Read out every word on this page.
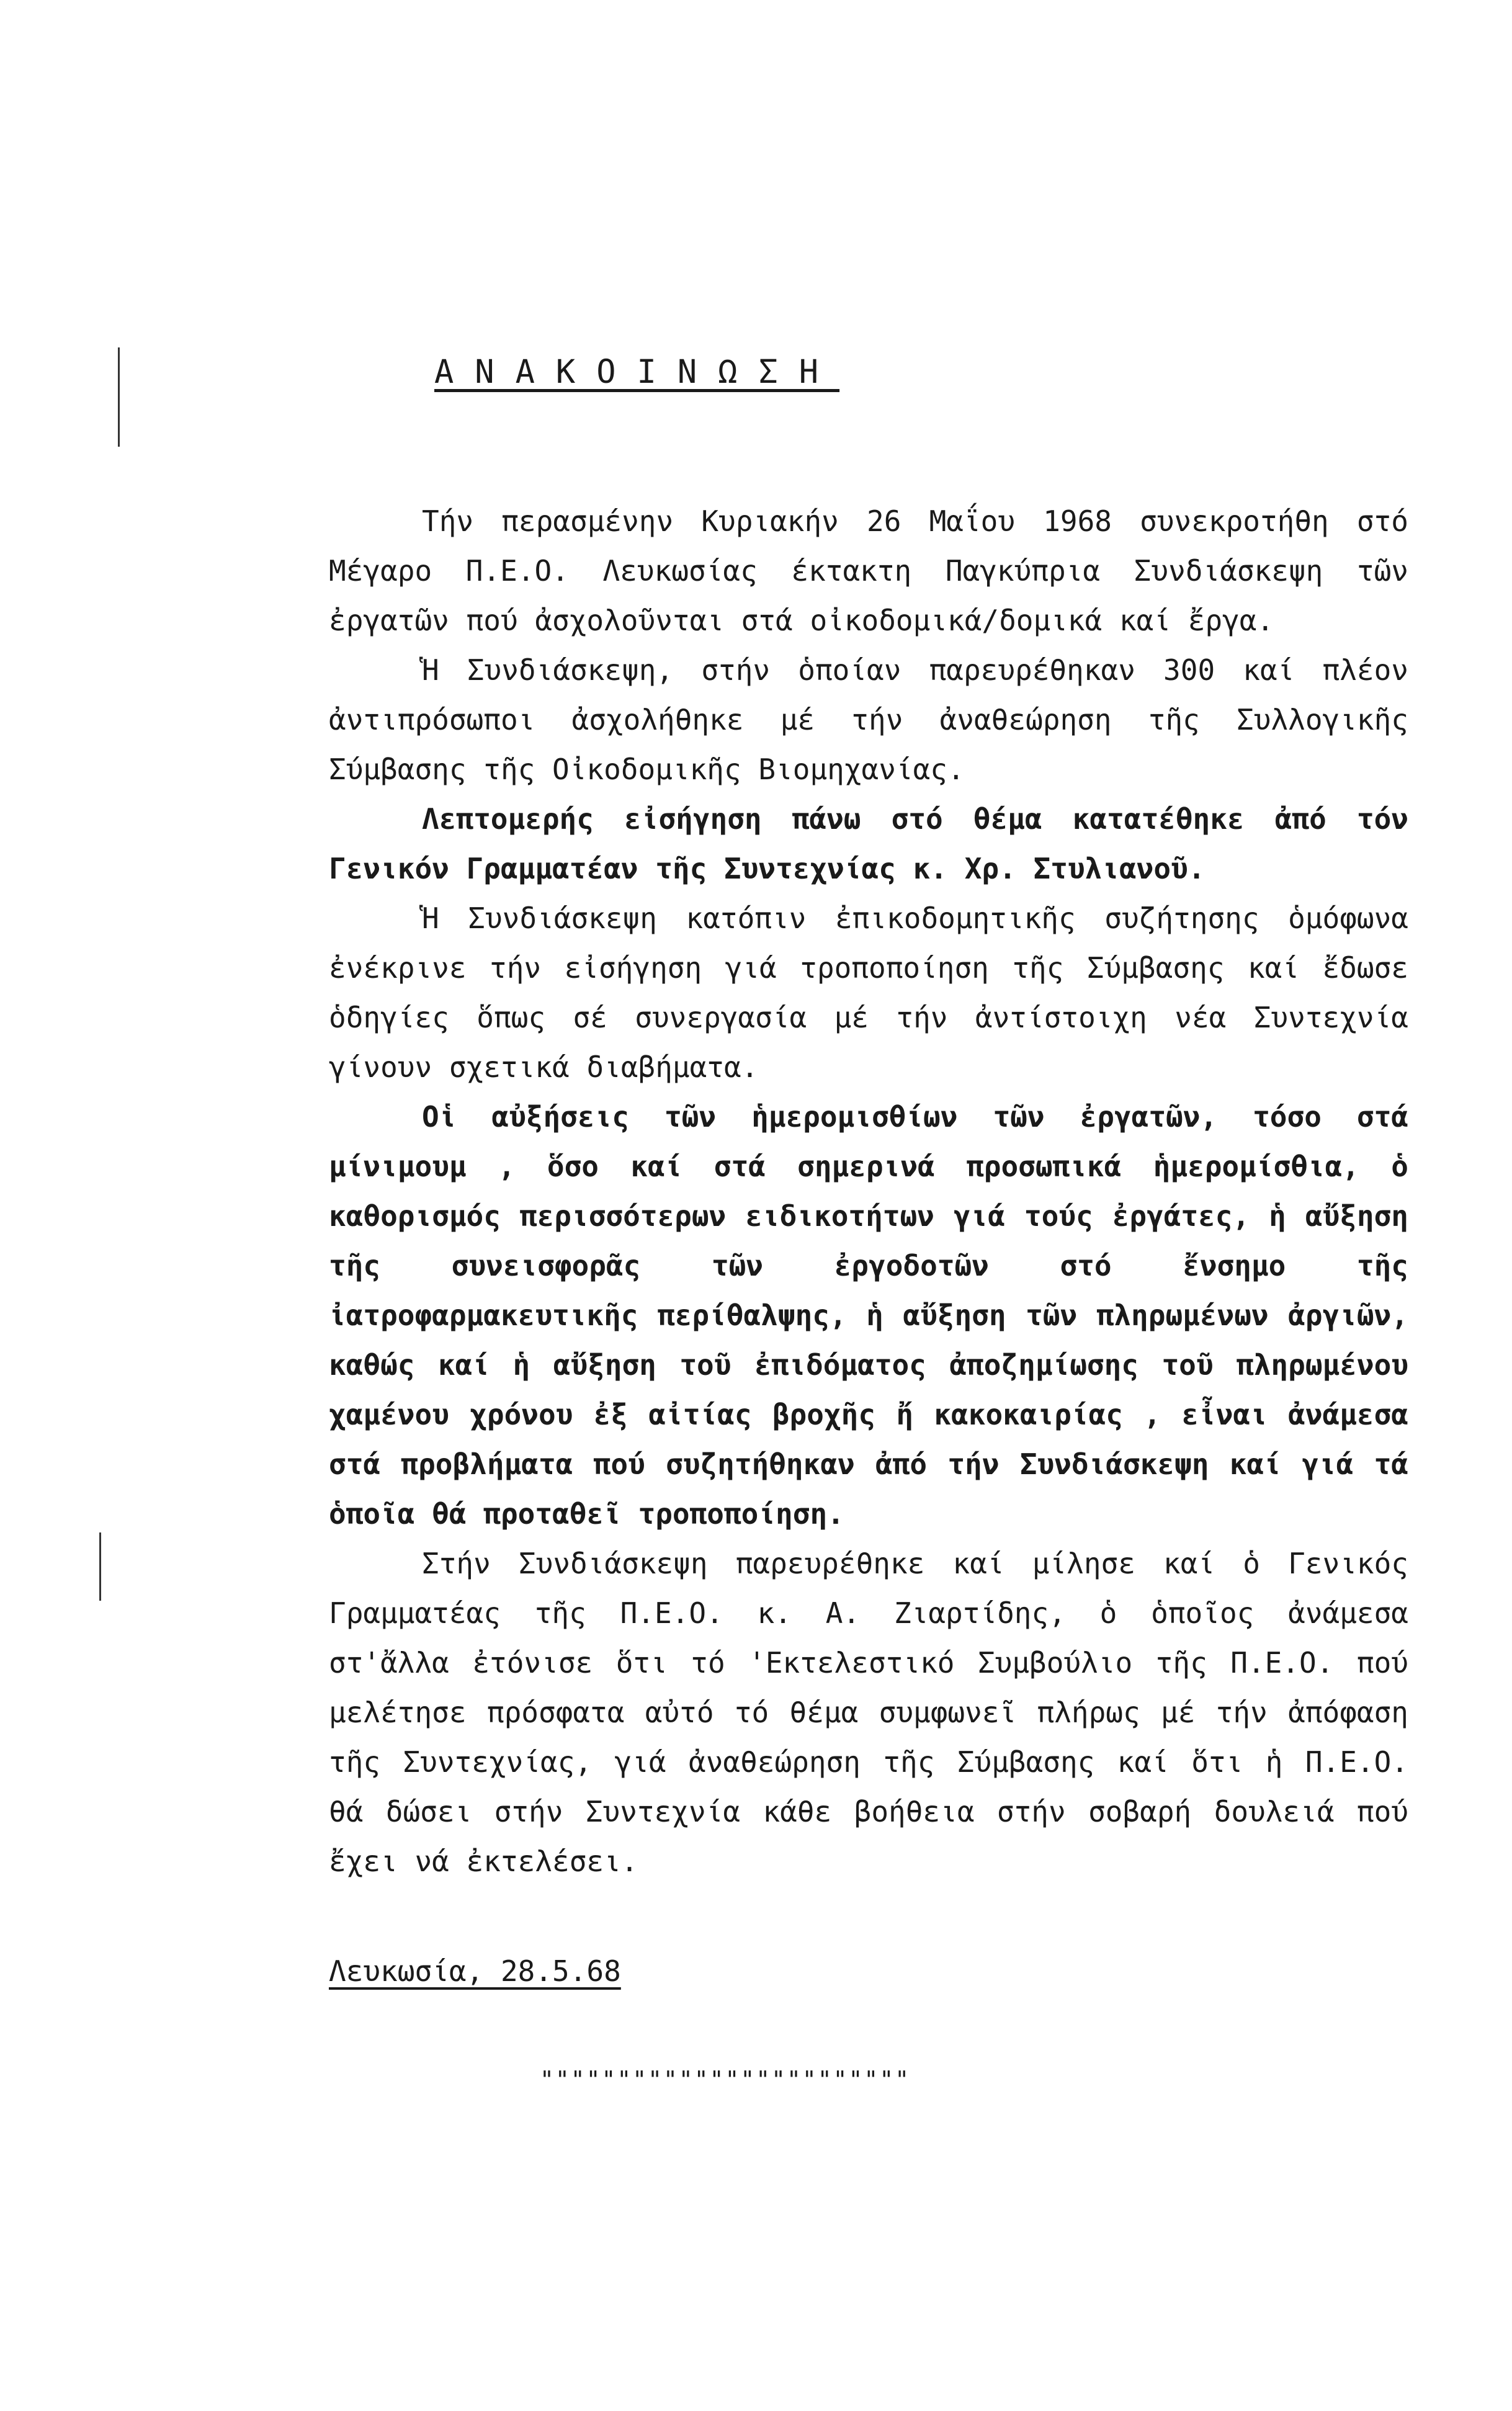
ΑΝΑΚΟΙΝΩΣΗ

Τήν περασμένην Κυριακήν 26 Μαΐου 1968 συνεκροτήθη στό Μέγαρο Π.Ε.Ο. Λευκωσίας έκτακτη Παγκύπρια Συνδιάσκεψη τῶν ἐργατῶν πού ἀσχολοῦνται στά οἰκοδομικά/δομικά καί ἔργα.

Ἡ Συνδιάσκεψη, στήν ὁποίαν παρευρέθηκαν 300 καί πλέον ἀντιπρόσωποι ἀσχολήθηκε μέ τήν ἀναθεώρηση τῆς Συλλογικῆς Σύμβασης τῆς Οἰκοδομικῆς Βιομηχανίας.

Λεπτομερής εἰσήγηση πάνω στό θέμα κατατέθηκε ἀπό τόν Γενικόν Γραμματέαν τῆς Συντεχνίας κ. Χρ. Στυλιανοῦ.

Ἡ Συνδιάσκεψη κατόπιν ἐπικοδομητικῆς συζήτησης ὁμόφωνα ἐνέκρινε τήν εἰσήγηση γιά τροποποίηση τῆς Σύμβασης καί ἔδωσε ὁδηγίες ὅπως σέ συνεργασία μέ τήν ἀντίστοιχη νέα Συντεχνία γίνουν σχετικά διαβήματα.

Οἱ αὐξήσεις τῶν ἡμερομισθίων τῶν ἐργατῶν, τόσο στά μίνιμουμ , ὅσο καί στά σημερινά προσωπικά ἡμερομίσθια, ὁ καθορισμός περισσότερων ειδικοτήτων γιά τούς ἐργάτες, ἡ αὔξηση τῆς συνεισφορᾶς τῶν ἐργοδοτῶν στό ἔνσημο τῆς ἰατροφαρμακευτικῆς περίθαλψης, ἡ αὔξηση τῶν πληρωμένων ἀργιῶν, καθώς καί ἡ αὔξηση τοῦ ἐπιδόματος ἀποζημίωσης τοῦ πληρωμένου χαμένου χρόνου ἐξ αἰτίας βροχῆς ἤ κακοκαιρίας , εἶναι ἀνάμεσα στά προβλήματα πού συζητήθηκαν ἀπό τήν Συνδιάσκεψη καί γιά τά ὁποῖα θά προταθεῖ τροποποίηση.

Στήν Συνδιάσκεψη παρευρέθηκε καί μίλησε καί ὁ Γενικός Γραμματέας τῆς Π.Ε.Ο. κ. Α. Ζιαρτίδης, ὁ ὁποῖος ἀνάμεσα στ'ἄλλα ἐτόνισε ὅτι τό 'Εκτελεστικό Συμβούλιο τῆς Π.Ε.Ο. πού μελέτησε πρόσφατα αὐτό τό θέμα συμφωνεῖ πλήρως μέ τήν ἀπόφαση τῆς Συντεχνίας, γιά ἀναθεώρηση τῆς Σύμβασης καί ὅτι ἡ Π.Ε.Ο. θά δώσει στήν Συντεχνία κάθε βοήθεια στήν σοβαρή δουλειά πού ἔχει νά ἐκτελέσει.

Λευκωσία, 28.5.68
""""""""""""""""""""""""
